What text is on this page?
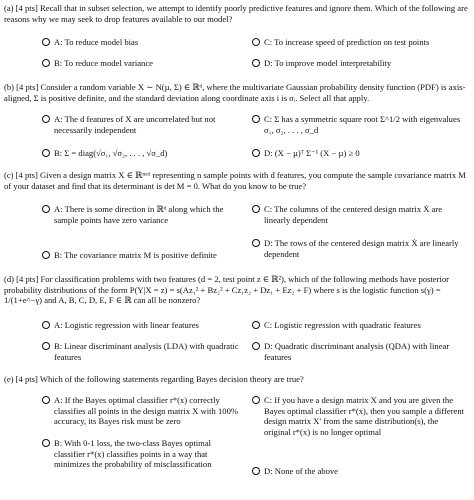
(a) [4 pts] Recall that in subset selection, we attempt to identify poorly predictive features and ignore them. Which of the following are reasons why we may seek to drop features available to our model?
A: To reduce model bias	C: To increase speed of prediction on test points
B: To reduce model variance	D: To improve model interpretability
(b) [4 pts] Consider a random variable X ∼ N(µ, Σ) ∈ ℝᵈ, where the multivariate Gaussian probability density function (PDF) is axis-aligned, Σ is positive definite, and the standard deviation along coordinate axis i is σᵢ. Select all that apply.
A: The d features of X are uncorrelated but not necessarily independent
C: Σ has a symmetric square root Σ^1/2 with eigenvalues σ₁, σ₂, . . . , σ_d
B: Σ = diag(√σ₁, √σ₂, . . . , √σ_d)	D: (X − µ)ᵀ Σ⁻¹ (X − µ) ≥ 0
(c) [4 pts] Given a design matrix X ∈ ℝⁿˣᵈ representing n sample points with d features, you compute the sample covariance matrix M of your dataset and find that its determinant is det M = 0. What do you know to be true?
A: There is some direction in ℝᵈ along which the sample points have zero variance
C: The columns of the centered design matrix Ẋ are linearly dependent
D: The rows of the centered design matrix Ẋ are linearly dependent
B: The covariance matrix M is positive definite
(d) [4 pts] For classification problems with two features (d = 2, test point z ∈ ℝ²), which of the following methods have posterior probability distributions of the form P(Y|X = z) = s(Az₁² + Bz₂² + Cz₁z₂ + Dz₁ + Ez₂ + F) where s is the logistic function s(γ) = 1/(1+e^−γ) and A, B, C, D, E, F ∈ ℝ can all be nonzero?
A: Logistic regression with linear features	C: Logistic regression with quadratic features
B: Linear discriminant analysis (LDA) with quadratic features
D: Quadratic discriminant analysis (QDA) with linear features
(e) [4 pts] Which of the following statements regarding Bayes decision theory are true?
A: If the Bayes optimal classifier r*(x) correctly classifies all points in the design matrix X with 100% accuracy, its Bayes risk must be zero
C: If you have a design matrix X and you are given the Bayes optimal classifier r*(x), then you sample a different design matrix X′ from the same distribution(s), the original r*(x) is no longer optimal
B: With 0-1 loss, the two-class Bayes optimal classifier r*(x) classifies points in a way that minimizes the probability of misclassification
D: None of the above
